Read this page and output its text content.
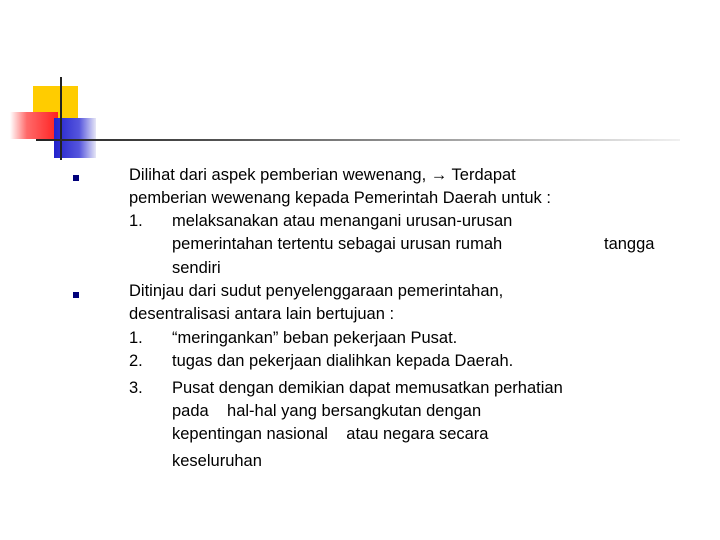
Dilihat dari aspek pemberian wewenang, → Terdapat
pemberian wewenang kepada Pemerintah Daerah untuk :
1. melaksanakan atau menangani urusan-urusan
pemerintahan tertentu sebagai urusan rumah	tangga
sendiri
Ditinjau dari sudut penyelenggaraan pemerintahan,
desentralisasi antara lain bertujuan :
1. “meringankan” beban pekerjaan Pusat.
2. tugas dan pekerjaan dialihkan kepada Daerah.
3. Pusat dengan demikian dapat memusatkan perhatian
pada    hal-hal yang bersangkutan dengan
kepentingan nasional    atau negara secara
keseluruhan
